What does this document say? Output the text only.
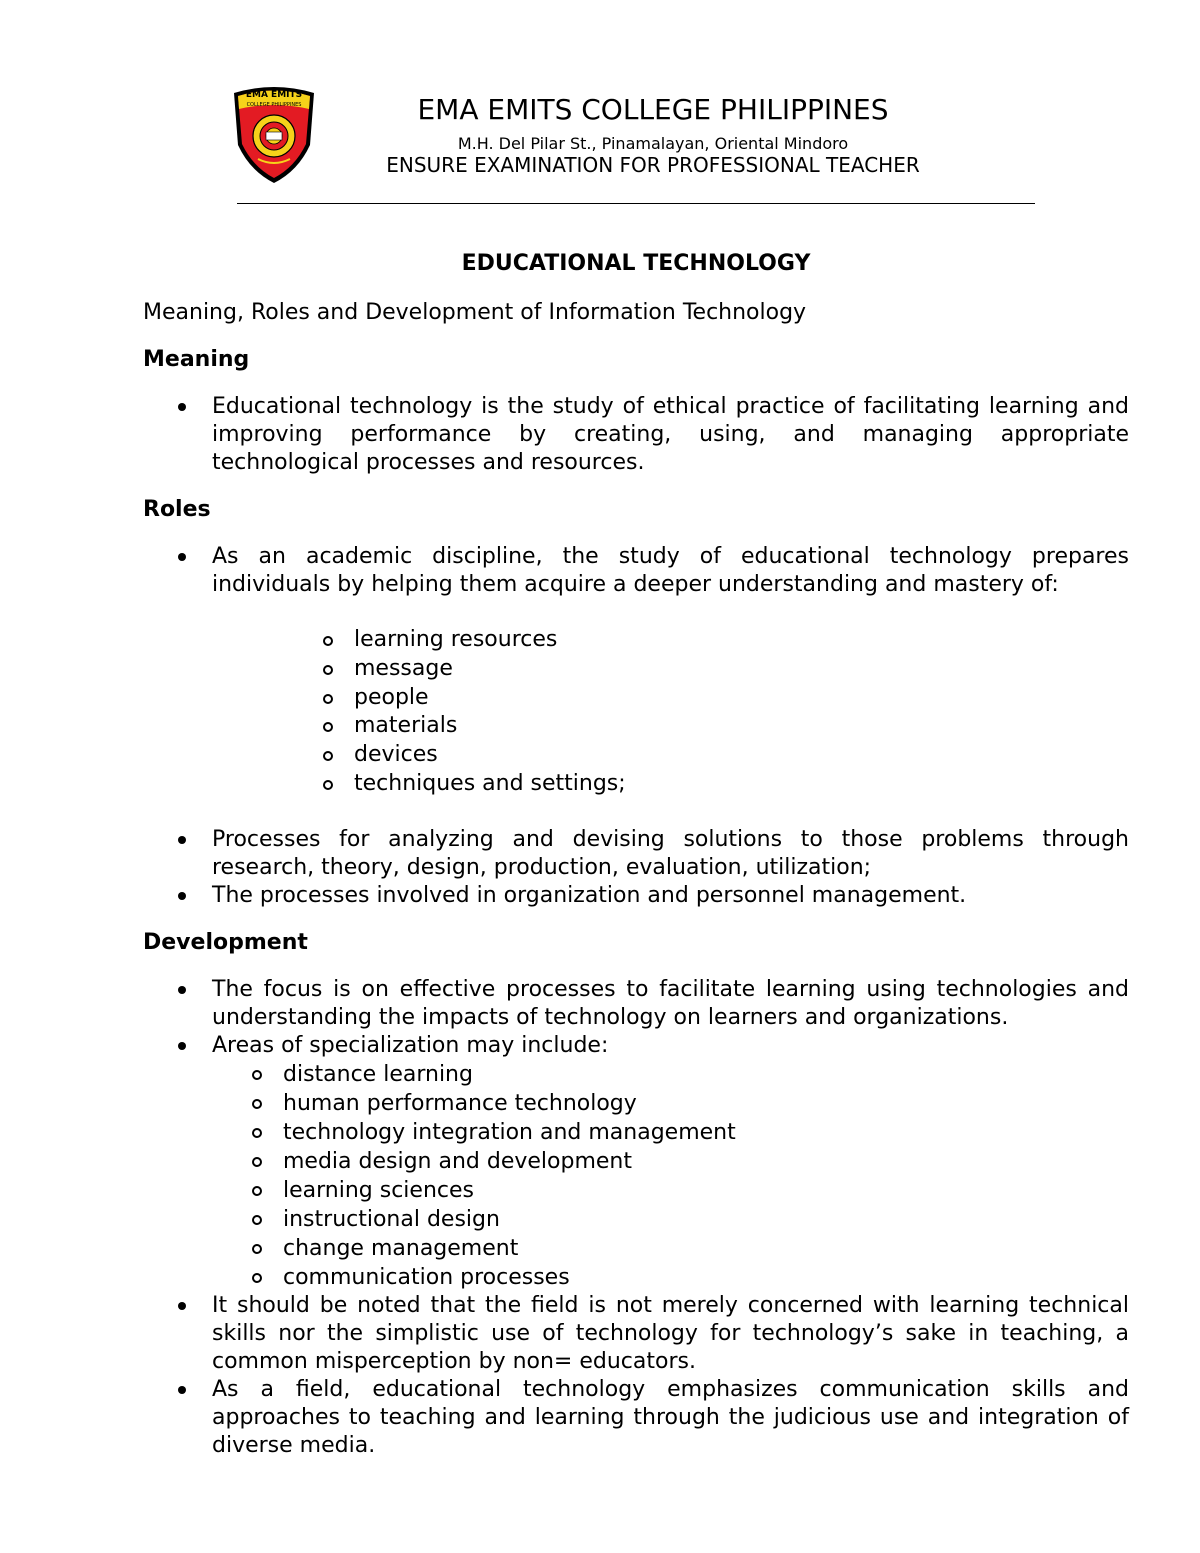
EMA EMITS
COLLEGE PHILIPPINES	EMA EMITS COLLEGE PHILIPPINES
M.H. Del Pilar St., Pinamalayan, Oriental Mindoro
ENSURE EXAMINATION FOR PROFESSIONAL TEACHER
EDUCATIONAL TECHNOLOGY
Meaning, Roles and Development of Information Technology
Meaning
Educational technology is the study of ethical practice of facilitating learning and improving performance by creating, using, and managing appropriate technological processes and resources.
Roles
As an academic discipline, the study of educational technology prepares individuals by helping them acquire a deeper understanding and mastery of:
learning resources
message
people
materials
devices
techniques and settings;
Processes for analyzing and devising solutions to those problems through research, theory, design, production, evaluation, utilization;
The processes involved in organization and personnel management.
Development
The focus is on effective processes to facilitate learning using technologies and understanding the impacts of technology on learners and organizations.
Areas of specialization may include:
distance learning
human performance technology
technology integration and management
media design and development
learning sciences
instructional design
change management
communication processes
It should be noted that the field is not merely concerned with learning technical skills nor the simplistic use of technology for technology’s sake in teaching, a common misperception by non= educators.
As a field, educational technology emphasizes communication skills and approaches to teaching and learning through the judicious use and integration of diverse media.
